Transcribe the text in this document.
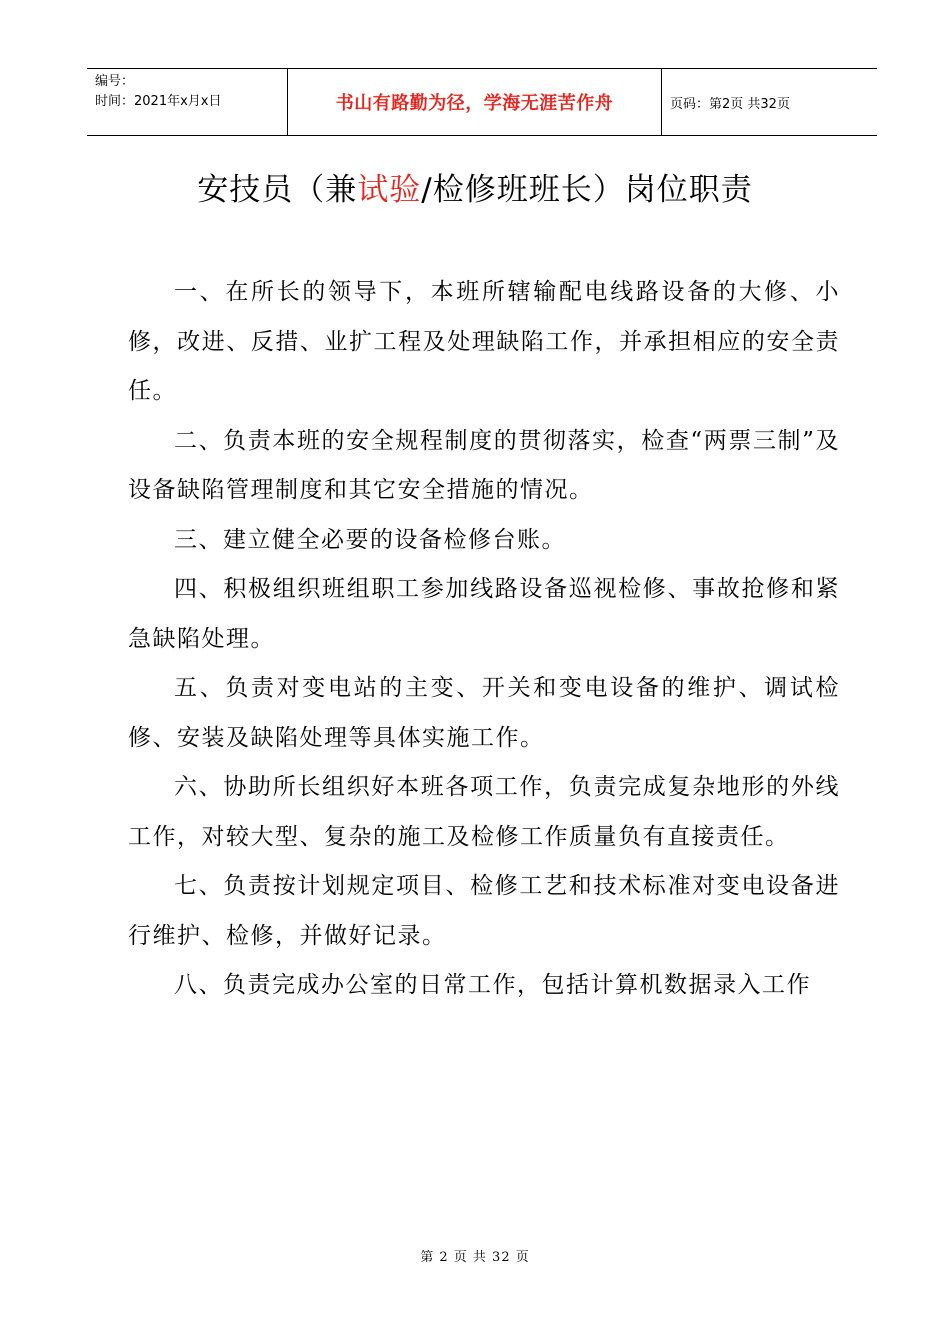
编号：
时间：2021年x月x日	书山有路勤为径，学海无涯苦作舟	页码：第2页 共32页
安技员（兼试验/检修班班长）岗位职责

一、在所长的领导下，本班所辖输配电线路设备的大修、小修，改进、反措、业扩工程及处理缺陷工作，并承担相应的安全责任。

二、负责本班的安全规程制度的贯彻落实，检查“两票三制”及设备缺陷管理制度和其它安全措施的情况。

三、建立健全必要的设备检修台账。

四、积极组织班组职工参加线路设备巡视检修、事故抢修和紧急缺陷处理。

五、负责对变电站的主变、开关和变电设备的维护、调试检修、安装及缺陷处理等具体实施工作。

六、协助所长组织好本班各项工作，负责完成复杂地形的外线工作，对较大型、复杂的施工及检修工作质量负有直接责任。

七、负责按计划规定项目、检修工艺和技术标准对变电设备进行维护、检修，并做好记录。

八、负责完成办公室的日常工作，包括计算机数据录入工作

第 2 页 共 32 页
